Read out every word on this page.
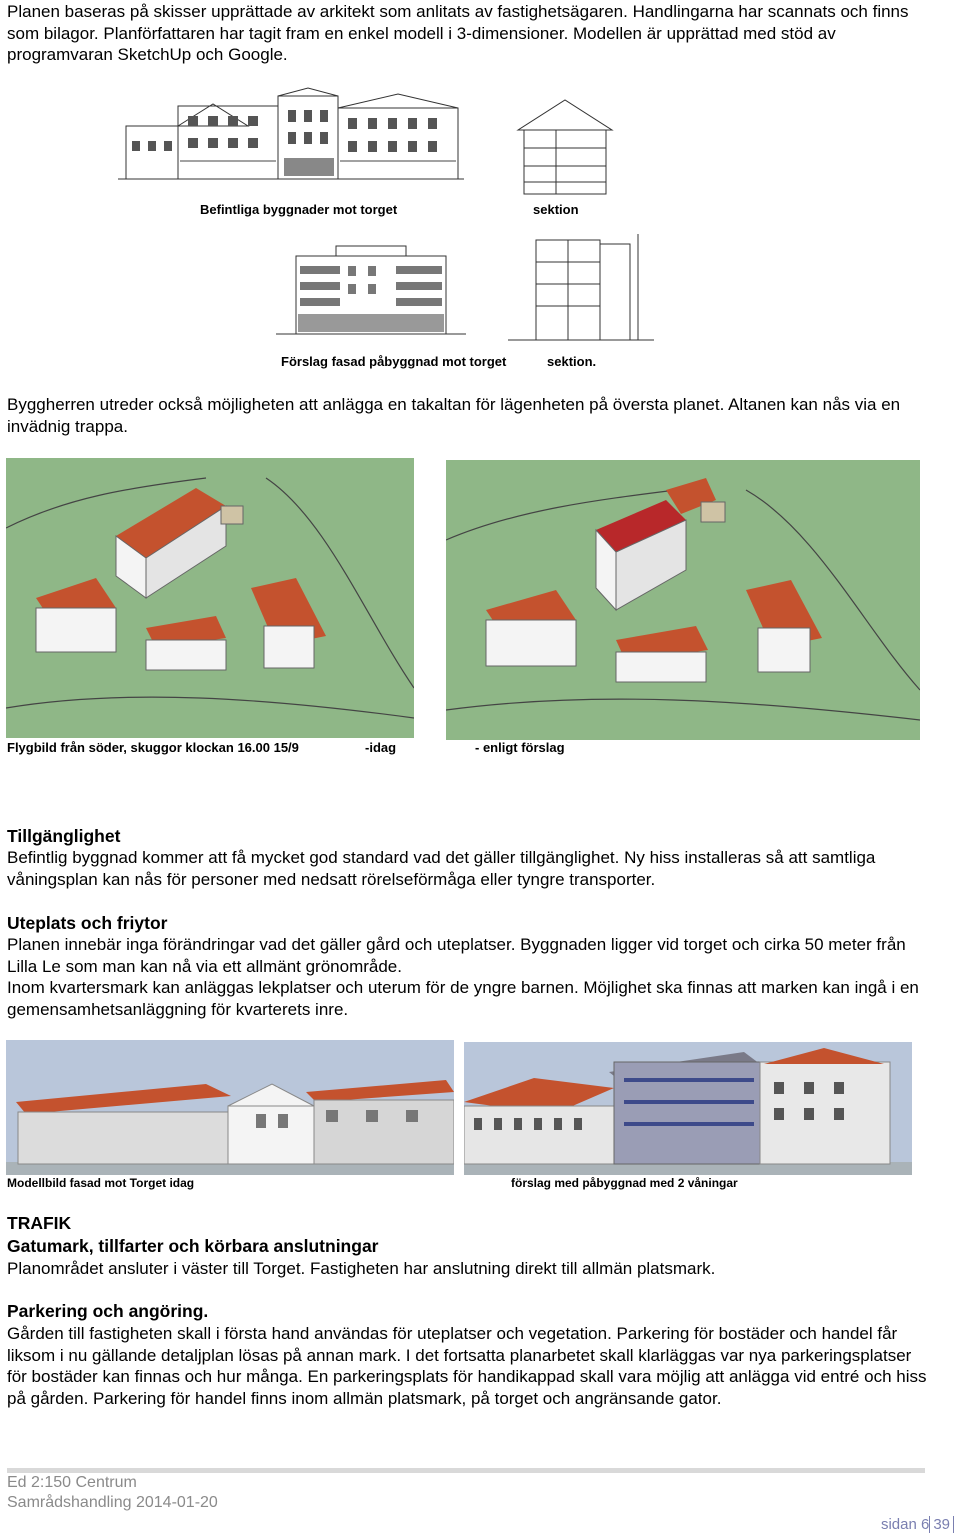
Planen baseras på skisser upprättade av arkitekt som anlitats av fastighetsägaren. Handlingarna har scannats och finns som bilagor. Planförfattaren har tagit fram en enkel modell i 3-dimensioner. Modellen är upprättad med stöd av programvaran SketchUp och Google.

Befintliga byggnader mot torget	sektion
Förslag fasad påbyggnad mot torget	sektion.

Byggherren utreder också möjligheten att anlägga en takaltan för lägenheten på översta planet. Altanen kan nås via en invädnig trappa.

Flygbild från söder, skuggor klockan 16.00 15/9	-idag	- enligt förslag
Tillgänglighet

Befintlig byggnad kommer att få mycket god standard vad det gäller tillgänglighet. Ny hiss installeras så att samtliga våningsplan kan nås för personer med nedsatt rörelseförmåga eller tyngre transporter.

Uteplats och friytor

Planen innebär inga förändringar vad det gäller gård och uteplatser. Byggnaden ligger vid torget och cirka 50 meter från Lilla Le som man kan nå via ett allmänt grönområde.

Inom kvartersmark kan anläggas lekplatser och uterum för de yngre barnen. Möjlighet ska finnas att marken kan ingå i en gemensamhetsanläggning för kvarterets inre.

Modellbild fasad mot Torget idag	förslag med påbyggnad med 2 våningar
TRAFIK
Gatumark, tillfarter och körbara anslutningar

Planområdet ansluter i väster till Torget. Fastigheten har anslutning direkt till allmän platsmark.

Parkering och angöring.

Gården till fastigheten skall i första hand användas för uteplatser och vegetation. Parkering för bostäder och handel får liksom i nu gällande detaljplan lösas på annan mark. I det fortsatta planarbetet skall klarläggas var nya parkeringsplatser för bostäder kan finnas och hur många. En parkeringsplats för handikappad skall vara möjlig att anlägga vid entré och hiss på gården. Parkering för handel finns inom allmän platsmark, på torget och angränsande gator.

Ed 2:150 Centrum
Samrådshandling 2014-01-20
sidan 6 39
